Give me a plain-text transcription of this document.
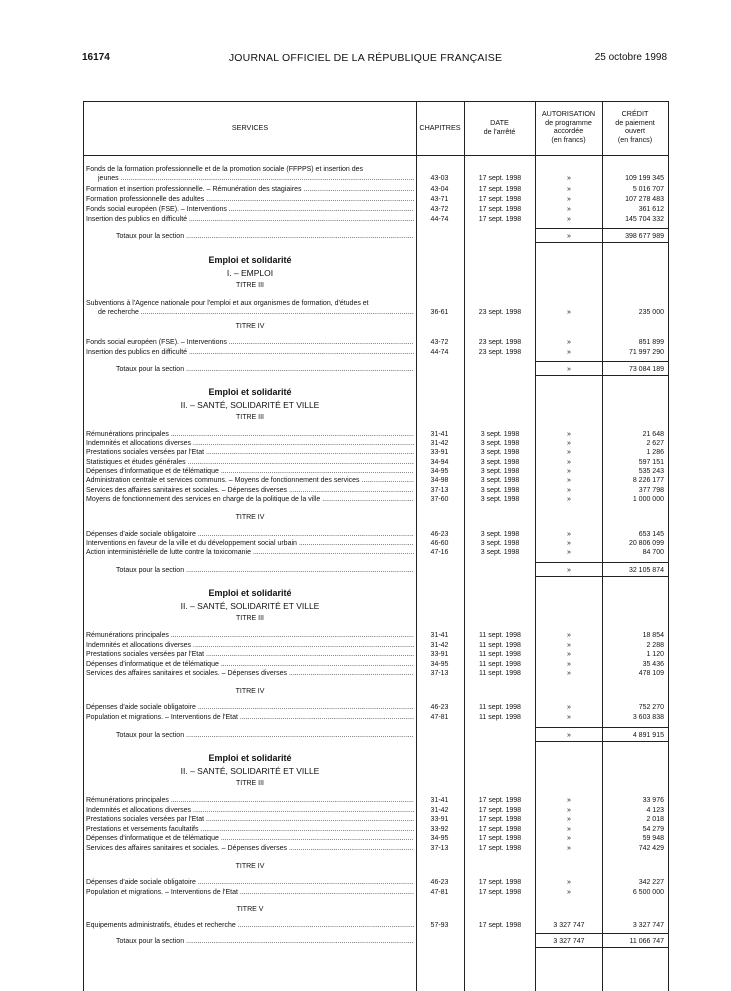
16174	JOURNAL OFFICIEL DE LA RÉPUBLIQUE FRANÇAISE	25 octobre 1998
SERVICES	CHAPITRES
DATE
de l'arrêté
AUTORISATION
de programme
accordée
(en francs)
CRÉDIT
de paiement
ouvert
(en francs)
Fonds de la formation professionnelle et de la promotion sociale (FFPPS) et insertion des
jeunes .....	43-03	17 sept. 1998	»	109 199 345
Formation et insertion professionnelle. – Rémunération des stagiaires .....	43-04	17 sept. 1998	»	5 016 707
Formation professionnelle des adultes .....	43-71	17 sept. 1998	»	107 278 483
Fonds social européen (FSE). – Interventions .....	43-72	17 sept. 1998	»	361 612
Insertion des publics en difficulté .....	44-74	17 sept. 1998	»	145 704 332
Totaux pour la section .....	»	398 677 989
Emploi et solidarité
I. – EMPLOI
TITRE III
Subventions à l'Agence nationale pour l'emploi et aux organismes de formation, d'études et
de recherche .....	36-61	23 sept. 1998	»	235 000
TITRE IV
Fonds social européen (FSE). – Interventions .....	43-72	23 sept. 1998	»	851 899
Insertion des publics en difficulté .....	44-74	23 sept. 1998	»	71 997 290
Totaux pour la section .....	»	73 084 189
Emploi et solidarité
II. – SANTÉ, SOLIDARITÉ ET VILLE
TITRE III
Rémunérations principales .....	31-41	3 sept. 1998	»	21 648
Indemnités et allocations diverses .....	31-42	3 sept. 1998	»	2 627
Prestations sociales versées par l'Etat .....	33-91	3 sept. 1998	»	1 286
Statistiques et études générales .....	34-94	3 sept. 1998	»	597 151
Dépenses d'informatique et de télématique .....	34-95	3 sept. 1998	»	535 243
Administration centrale et services communs. – Moyens de fonctionnement des services .....	34-98	3 sept. 1998	»	8 226 177
Services des affaires sanitaires et sociales. – Dépenses diverses .....	37-13	3 sept. 1998	»	377 798
Moyens de fonctionnement des services en charge de la politique de la ville .....	37-60	3 sept. 1998	»	1 000 000
TITRE IV
Dépenses d'aide sociale obligatoire .....	46-23	3 sept. 1998	»	653 145
Interventions en faveur de la ville et du développement social urbain .....	46-60	3 sept. 1998	»	20 806 099
Action interministérielle de lutte contre la toxicomanie .....	47-16	3 sept. 1998	»	84 700
Totaux pour la section .....	»	32 105 874
Emploi et solidarité
II. – SANTÉ, SOLIDARITÉ ET VILLE
TITRE III
Rémunérations principales .....	31-41	11 sept. 1998	»	18 854
Indemnités et allocations diverses .....	31-42	11 sept. 1998	»	2 288
Prestations sociales versées par l'Etat .....	33-91	11 sept. 1998	»	1 120
Dépenses d'informatique et de télématique .....	34-95	11 sept. 1998	»	35 436
Services des affaires sanitaires et sociales. – Dépenses diverses .....	37-13	11 sept. 1998	»	478 109
TITRE IV
Dépenses d'aide sociale obligatoire .....	46-23	11 sept. 1998	»	752 270
Population et migrations. – Interventions de l'Etat .....	47-81	11 sept. 1998	»	3 603 838
Totaux pour la section .....	»	4 891 915
Emploi et solidarité
II. – SANTÉ, SOLIDARITÉ ET VILLE
TITRE III
Rémunérations principales .....	31-41	17 sept. 1998	»	33 976
Indemnités et allocations diverses .....	31-42	17 sept. 1998	»	4 123
Prestations sociales versées par l'Etat .....	33-91	17 sept. 1998	»	2 018
Prestations et versements facultatifs .....	33-92	17 sept. 1998	»	54 279
Dépenses d'informatique et de télématique .....	34-95	17 sept. 1998	»	59 948
Services des affaires sanitaires et sociales. – Dépenses diverses .....	37-13	17 sept. 1998	»	742 429
TITRE IV
Dépenses d'aide sociale obligatoire .....	46-23	17 sept. 1998	»	342 227
Population et migrations. – Interventions de l'Etat .....	47-81	17 sept. 1998	»	6 500 000
TITRE V
Equipements administratifs, études et recherche .....	57-93	17 sept. 1998	3 327 747	3 327 747
Totaux pour la section .....	3 327 747	11 066 747
